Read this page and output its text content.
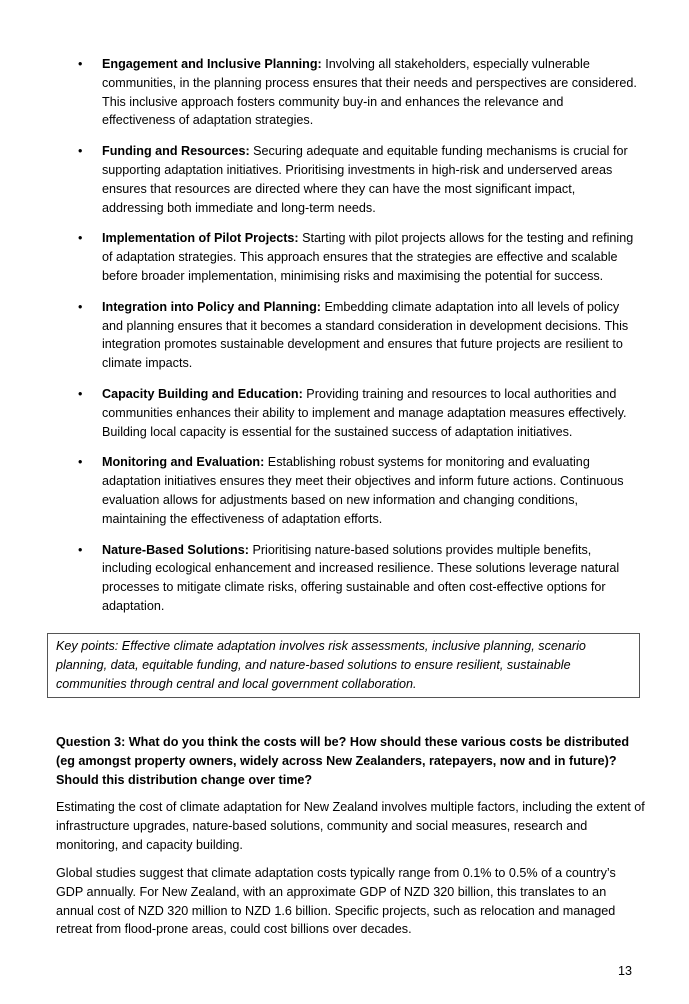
• Engagement and Inclusive Planning: Involving all stakeholders, especially vulnerable communities, in the planning process ensures that their needs and perspectives are considered. This inclusive approach fosters community buy-in and enhances the relevance and effectiveness of adaptation strategies.
• Funding and Resources: Securing adequate and equitable funding mechanisms is crucial for supporting adaptation initiatives. Prioritising investments in high-risk and underserved areas ensures that resources are directed where they can have the most significant impact, addressing both immediate and long-term needs.
• Implementation of Pilot Projects: Starting with pilot projects allows for the testing and refining of adaptation strategies. This approach ensures that the strategies are effective and scalable before broader implementation, minimising risks and maximising the potential for success.
• Integration into Policy and Planning: Embedding climate adaptation into all levels of policy and planning ensures that it becomes a standard consideration in development decisions. This integration promotes sustainable development and ensures that future projects are resilient to climate impacts.
• Capacity Building and Education: Providing training and resources to local authorities and communities enhances their ability to implement and manage adaptation measures effectively. Building local capacity is essential for the sustained success of adaptation initiatives.
• Monitoring and Evaluation: Establishing robust systems for monitoring and evaluating adaptation initiatives ensures they meet their objectives and inform future actions. Continuous evaluation allows for adjustments based on new information and changing conditions, maintaining the effectiveness of adaptation efforts.
• Nature-Based Solutions: Prioritising nature-based solutions provides multiple benefits, including ecological enhancement and increased resilience. These solutions leverage natural processes to mitigate climate risks, offering sustainable and often cost-effective options for adaptation.
Key points: Effective climate adaptation involves risk assessments, inclusive planning, scenario planning, data, equitable funding, and nature-based solutions to ensure resilient, sustainable communities through central and local government collaboration.

Question 3: What do you think the costs will be? How should these various costs be distributed (eg amongst property owners, widely across New Zealanders, ratepayers, now and in future)? Should this distribution change over time?

Estimating the cost of climate adaptation for New Zealand involves multiple factors, including the extent of infrastructure upgrades, nature-based solutions, community and social measures, research and monitoring, and capacity building.

Global studies suggest that climate adaptation costs typically range from 0.1% to 0.5% of a country’s GDP annually. For New Zealand, with an approximate GDP of NZD 320 billion, this translates to an annual cost of NZD 320 million to NZD 1.6 billion. Specific projects, such as relocation and managed retreat from flood-prone areas, could cost billions over decades.

13
